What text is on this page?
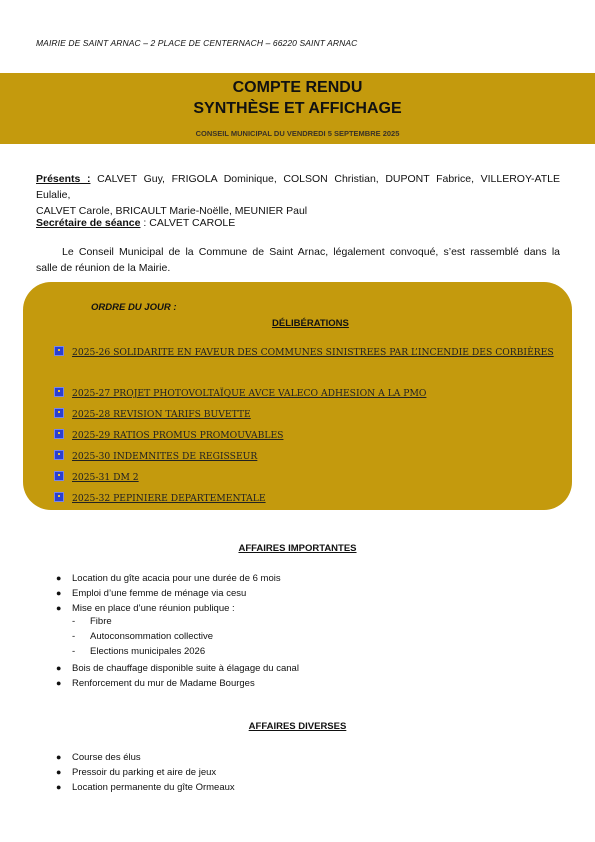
MAIRIE DE SAINT ARNAC – 2 PLACE DE CENTERNACH – 66220 SAINT ARNAC
COMPTE RENDU
SYNTHÈSE ET AFFICHAGE
CONSEIL MUNICIPAL DU VENDREDI 5 SEPTEMBRE 2025
Présents : CALVET Guy, FRIGOLA Dominique, COLSON Christian, DUPONT Fabrice, VILLEROY-ATLE Eulalie,
CALVET Carole, BRICAULT Marie-Noëlle, MEUNIER Paul
Secrétaire de séance : CALVET CAROLE
Le Conseil Municipal de la Commune de Saint Arnac, légalement convoqué, s’est rassemblé dans la
salle de réunion de la Mairie.
ORDRE DU JOUR :
DÉLIBÉRATIONS
2025-26 SOLIDARITE EN FAVEUR DES COMMUNES SINISTREES PAR L’INCENDIE DES CORBIÈRES
2025-27 PROJET PHOTOVOLTAÏQUE AVCE VALECO ADHESION A LA PMO
2025-28 REVISION TARIFS BUVETTE
2025-29 RATIOS PROMUS PROMOUVABLES
2025-30 INDEMNITES DE REGISSEUR
2025-31 DM 2
2025-32 PEPINIERE DEPARTEMENTALE
AFFAIRES IMPORTANTES
● Location du gîte acacia pour une durée de 6 mois
● Emploi d’une femme de ménage via cesu
● Mise en place d’une réunion publique :
- Fibre
- Autoconsommation collective
- Elections municipales 2026
● Bois de chauffage disponible suite à élagage du canal
● Renforcement du mur de Madame Bourges
AFFAIRES DIVERSES
● Course des élus
● Pressoir du parking et aire de jeux
● Location permanente du gîte Ormeaux
